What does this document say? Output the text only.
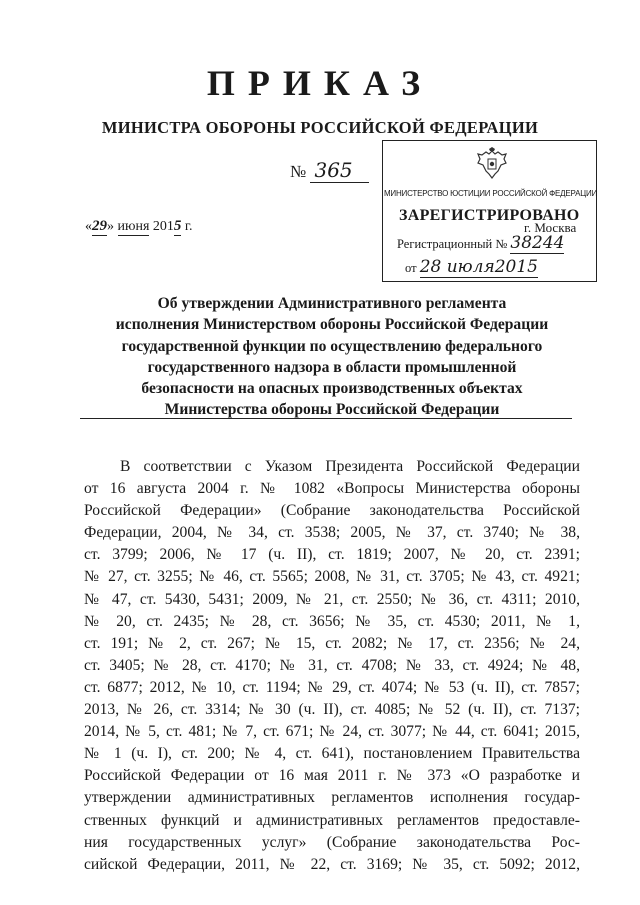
ПРИКАЗ
МИНИСТРА ОБОРОНЫ РОССИЙСКОЙ ФЕДЕРАЦИИ
№ 365
«29» июня 2015 г.
МИНИСТЕРСТВО ЮСТИЦИИ РОССИЙСКОЙ ФЕДЕРАЦИИ
ЗАРЕГИСТРИРОВАНО
Регистрационный № 38244
от 28 июля2015
г. Москва
Об утверждении Административного регламента
исполнения Министерством обороны Российской Федерации
государственной функции по осуществлению федерального
государственного надзора в области промышленной
безопасности на опасных производственных объектах
Министерства обороны Российской Федерации
В соответствии с Указом Президента Российской Федерации
от 16 августа 2004 г. № 1082 «Вопросы Министерства обороны
Российской Федерации» (Собрание законодательства Российской
Федерации, 2004, № 34, ст. 3538; 2005, № 37, ст. 3740; № 38,
ст. 3799; 2006, № 17 (ч. II), ст. 1819; 2007, № 20, ст. 2391;
№ 27, ст. 3255; № 46, ст. 5565; 2008, № 31, ст. 3705; № 43, ст. 4921;
№ 47, ст. 5430, 5431; 2009, № 21, ст. 2550; № 36, ст. 4311; 2010,
№ 20, ст. 2435; № 28, ст. 3656; № 35, ст. 4530; 2011, № 1,
ст. 191; № 2, ст. 267; № 15, ст. 2082; № 17, ст. 2356; № 24,
ст. 3405; № 28, ст. 4170; № 31, ст. 4708; № 33, ст. 4924; № 48,
ст. 6877; 2012, № 10, ст. 1194; № 29, ст. 4074; № 53 (ч. II), ст. 7857;
2013, № 26, ст. 3314; № 30 (ч. II), ст. 4085; № 52 (ч. II), ст. 7137;
2014, № 5, ст. 481; № 7, ст. 671; № 24, ст. 3077; № 44, ст. 6041; 2015,
№ 1 (ч. I), ст. 200; № 4, ст. 641), постановлением Правительства
Российской Федерации от 16 мая 2011 г. № 373 «О разработке и
утверждении административных регламентов исполнения государ-
ственных функций и административных регламентов предоставле-
ния государственных услуг» (Собрание законодательства Рос-
сийской Федерации, 2011, № 22, ст. 3169; № 35, ст. 5092; 2012,
